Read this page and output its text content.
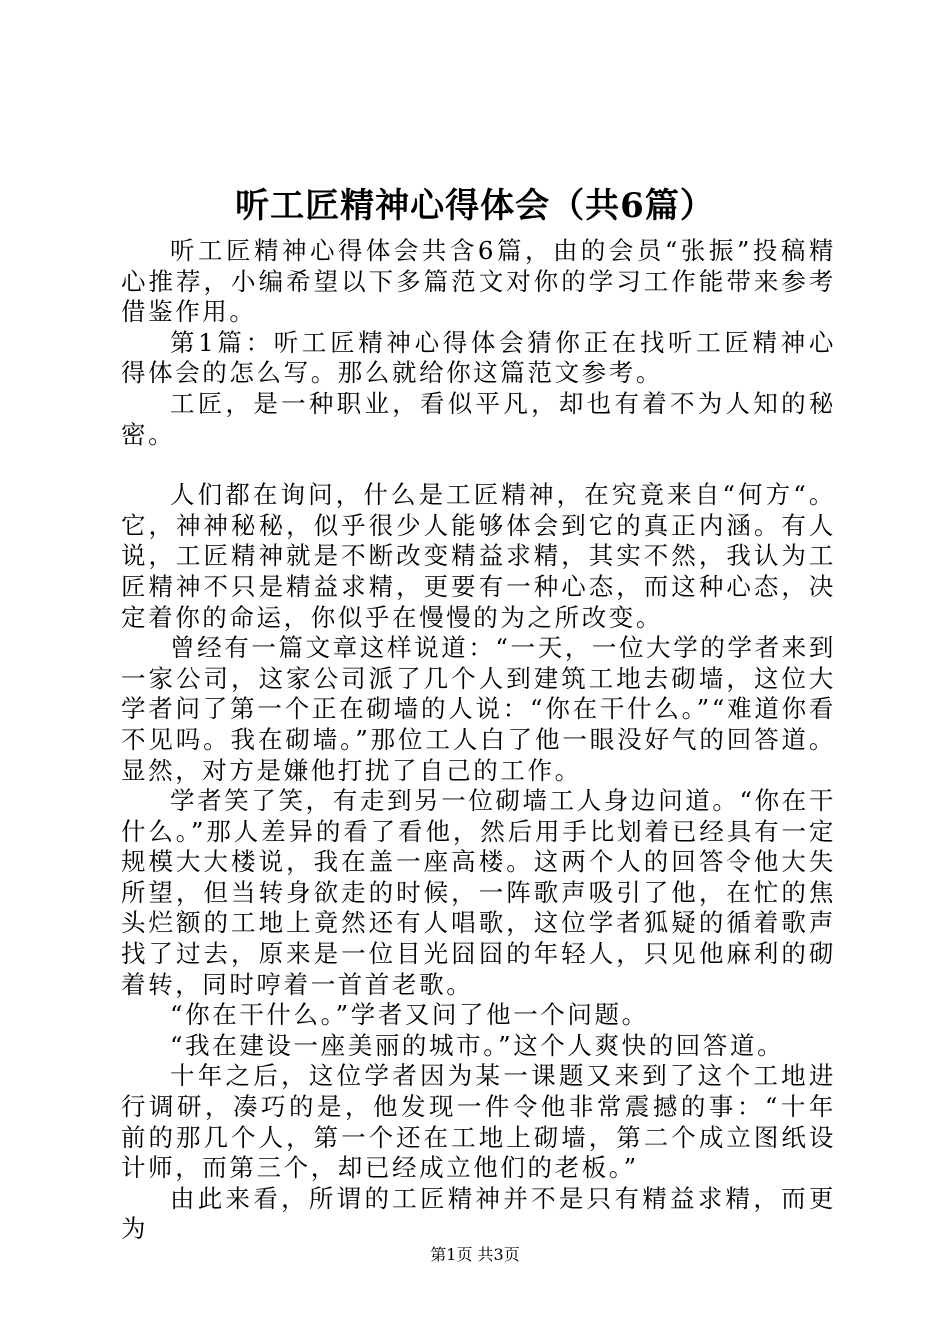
听工匠精神心得体会（共6篇）

听工匠精神心得体会共含6篇，由的会员“张振”投稿精心推荐，小编希望以下多篇范文对你的学习工作能带来参考借鉴作用。

第1篇：听工匠精神心得体会猜你正在找听工匠精神心得体会的怎么写。那么就给你这篇范文参考。

工匠，是一种职业，看似平凡，却也有着不为人知的秘密。

人们都在询问，什么是工匠精神，在究竟来自“何方“。它，神神秘秘，似乎很少人能够体会到它的真正内涵。有人说，工匠精神就是不断改变精益求精，其实不然，我认为工匠精神不只是精益求精，更要有一种心态，而这种心态，决定着你的命运，你似乎在慢慢的为之所改变。

曾经有一篇文章这样说道：“一天，一位大学的学者来到一家公司，这家公司派了几个人到建筑工地去砌墙，这位大学者问了第一个正在砌墙的人说：“你在干什么。”“难道你看不见吗。我在砌墙。”那位工人白了他一眼没好气的回答道。显然，对方是嫌他打扰了自己的工作。

学者笑了笑，有走到另一位砌墙工人身边问道。“你在干什么。”那人差异的看了看他，然后用手比划着已经具有一定规模大大楼说，我在盖一座高楼。这两个人的回答令他大失所望，但当转身欲走的时候，一阵歌声吸引了他，在忙的焦头烂额的工地上竟然还有人唱歌，这位学者狐疑的循着歌声找了过去，原来是一位目光囧囧的年轻人，只见他麻利的砌着转，同时哼着一首首老歌。

“你在干什么。”学者又问了他一个问题。

“我在建设一座美丽的城市。”这个人爽快的回答道。

十年之后，这位学者因为某一课题又来到了这个工地进行调研，凑巧的是，他发现一件令他非常震撼的事：“十年前的那几个人，第一个还在工地上砌墙，第二个成立图纸设计师，而第三个，却已经成立他们的老板。”

由此来看，所谓的工匠精神并不是只有精益求精，而更为

第1页 共3页
